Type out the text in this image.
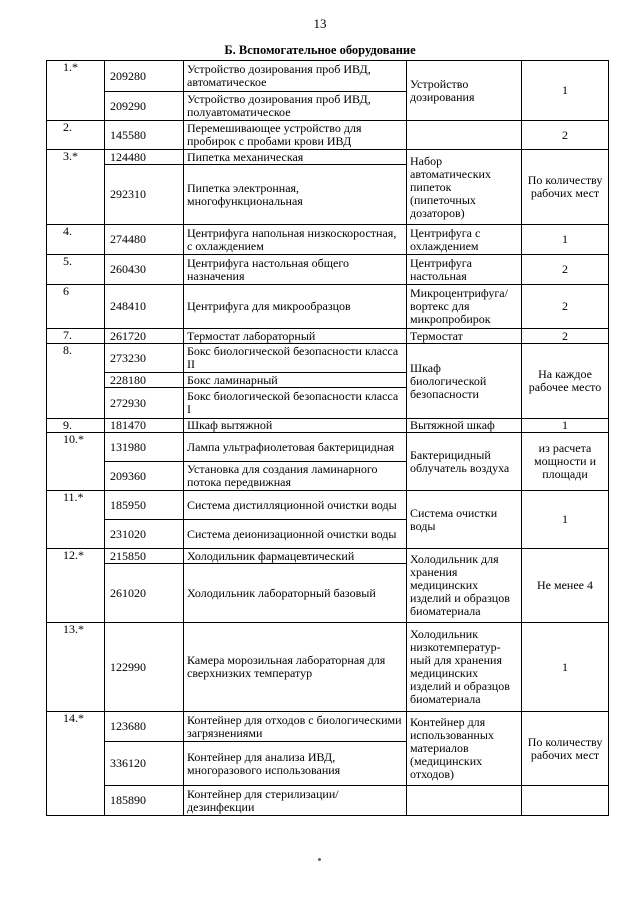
13
Б. Вспомогательное оборудование
1.*	209280	Устройство дозирования проб ИВД, автоматическое	Устройство дозирования	1
	209290	Устройство дозирования проб ИВД, полуавтоматическое		
2.	145580	Перемешивающее устройство для пробирок с пробами крови ИВД		2
3.*	124480	Пипетка механическая	Набор автоматических пипеток (пипеточных дозаторов)	По количеству рабочих мест
	292310	Пипетка электронная, многофункциональная		
4.	274480	Центрифуга напольная низкоскоростная, с охлаждением	Центрифуга с охлаждением	1
5.	260430	Центрифуга настольная общего назначения	Центрифуга настольная	2
6	248410	Центрифуга для микрообразцов	Микроцентрифуга/ вортекс для микропробирок	2
7.	261720	Термостат лабораторный	Термостат	2
8.	273230	Бокс биологической безопасности класса II	Шкаф биологической безопасности	На каждое рабочее место
	228180	Бокс ламинарный		
	272930	Бокс биологической безопасности класса I		
9.	181470	Шкаф вытяжной	Вытяжной шкаф	1
10.*	131980	Лампа ультрафиолетовая бактерицидная	Бактерицидный облучатель воздуха	из расчета мощности и площади
	209360	Установка для создания ламинарного потока передвижная		
11.*	185950	Система дистилляционной очистки воды	Система очистки воды	1
	231020	Система деионизационной очистки воды		
12.*	215850	Холодильник фармацевтический	Холодильник для хранения медицинских изделий и образцов биоматериала	Не менее 4
	261020	Холодильник лабораторный базовый		
13.*	122990	Камера морозильная лабораторная для сверхнизких температур	Холодильник низкотемператур-ный для хранения медицинских изделий и образцов биоматериала	1
14.*	123680	Контейнер для отходов с биологическими загрязнениями	Контейнер для использованных материалов (медицинских отходов)	По количеству рабочих мест
	336120	Контейнер для анализа ИВД, многоразового использования		
	185890	Контейнер для стерилизации/дезинфекции		
